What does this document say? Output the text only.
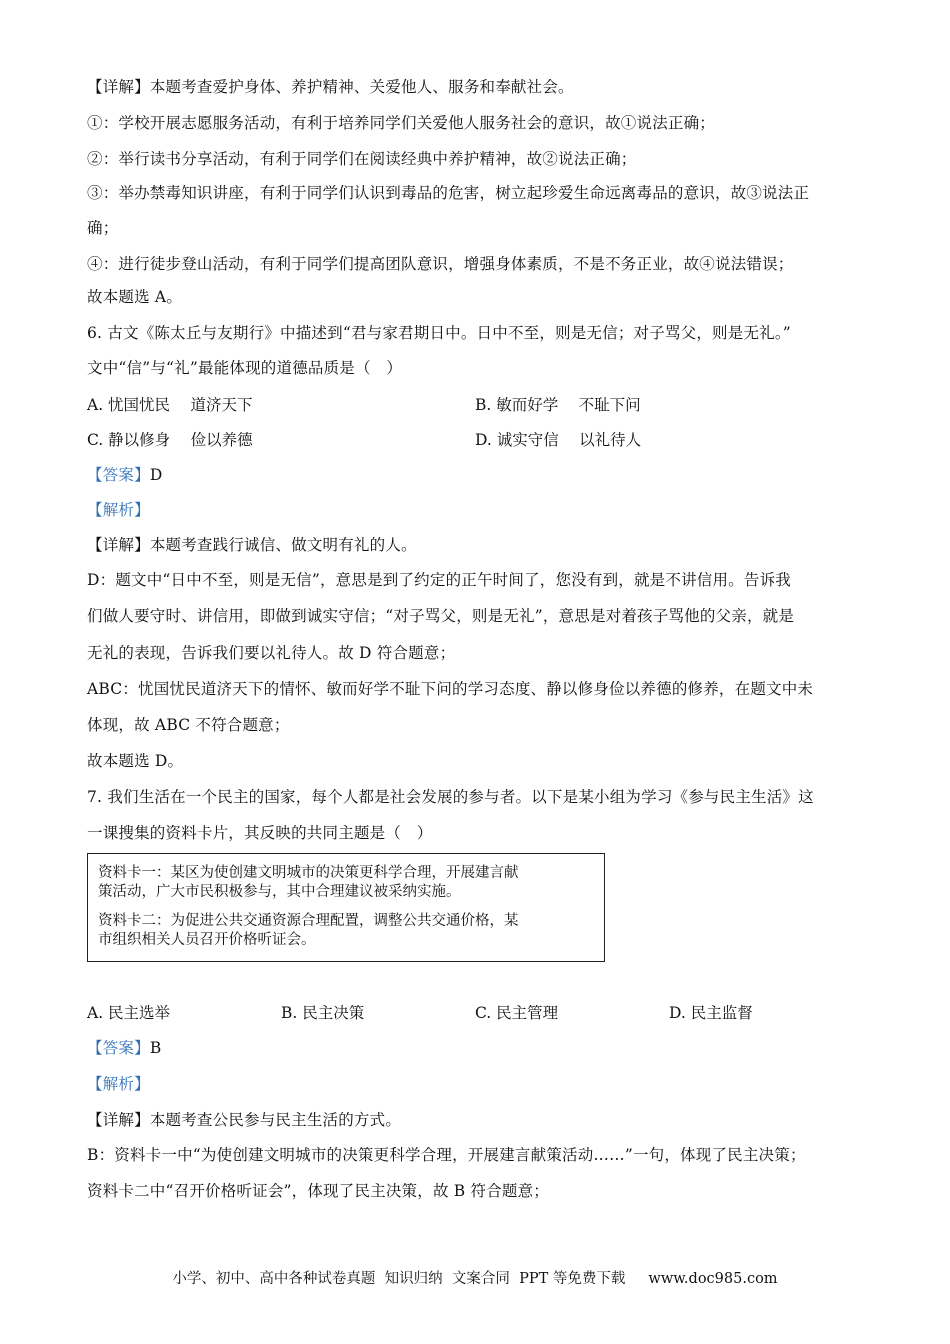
【详解】本题考查爱护身体、养护精神、关爱他人、服务和奉献社会。
①：学校开展志愿服务活动，有利于培养同学们关爱他人服务社会的意识，故①说法正确；
②：举行读书分享活动，有利于同学们在阅读经典中养护精神，故②说法正确；
③：举办禁毒知识讲座，有利于同学们认识到毒品的危害，树立起珍爱生命远离毒品的意识，故③说法正
确；
④：进行徒步登山活动，有利于同学们提高团队意识，增强身体素质，不是不务正业，故④说法错误；
故本题选 A。
6. 古文《陈太丘与友期行》中描述到“君与家君期日中。日中不至，则是无信；对子骂父，则是无礼。”
文中“信”与“礼”最能体现的道德品质是（　）
A. 忧国忧民　 道济天下	B. 敏而好学　 不耻下问
C. 静以修身　 俭以养德	D. 诚实守信　 以礼待人
【答案】D
【解析】
【详解】本题考查践行诚信、做文明有礼的人。
D：题文中“日中不至，则是无信”，意思是到了约定的正午时间了，您没有到，就是不讲信用。告诉我
们做人要守时、讲信用，即做到诚实守信；“对子骂父，则是无礼”，意思是对着孩子骂他的父亲，就是
无礼的表现，告诉我们要以礼待人。故 D 符合题意；
ABC：忧国忧民道济天下的情怀、敏而好学不耻下问的学习态度、静以修身俭以养德的修养，在题文中未
体现，故 ABC 不符合题意；
故本题选 D。
7. 我们生活在一个民主的国家，每个人都是社会发展的参与者。以下是某小组为学习《参与民主生活》这
一课搜集的资料卡片，其反映的共同主题是（　）
资料卡一：某区为使创建文明城市的决策更科学合理，开展建言献
策活动，广大市民积极参与，其中合理建议被采纳实施。
资料卡二：为促进公共交通资源合理配置，调整公共交通价格，某
市组织相关人员召开价格听证会。
A. 民主选举	B. 民主决策	C. 民主管理	D. 民主监督
【答案】B
【解析】
【详解】本题考查公民参与民主生活的方式。
B：资料卡一中“为使创建文明城市的决策更科学合理，开展建言献策活动……”一句，体现了民主决策；
资料卡二中“召开价格听证会”，体现了民主决策，故 B 符合题意；
小学、初中、高中各种试卷真题  知识归纳  文案合同  PPT 等免费下载     www.doc985.com
